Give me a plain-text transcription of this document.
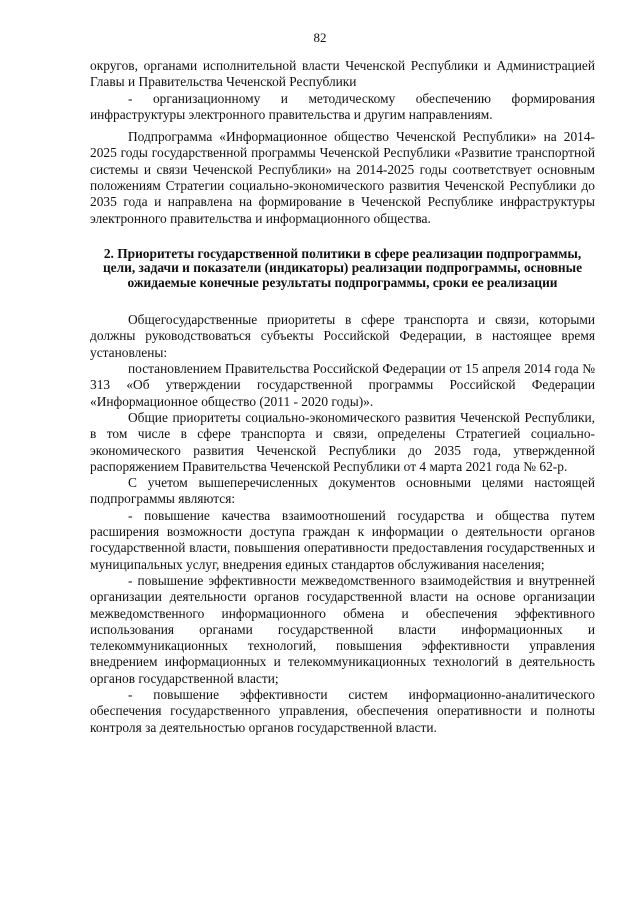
82

округов, органами исполнительной власти Чеченской Республики и Администрацией Главы и Правительства Чеченской Республики

- организационному и методическому обеспечению формирования инфраструктуры электронного правительства и другим направлениям.

Подпрограмма «Информационное общество Чеченской Республики» на 2014-2025 годы государственной программы Чеченской Республики «Развитие транспортной системы и связи Чеченской Республики» на 2014-2025 годы соответствует основным положениям Стратегии социально-экономического развития Чеченской Республики до 2035 года и направлена на формирование в Чеченской Республике инфраструктуры электронного правительства и информационного общества.

2. Приоритеты государственной политики в сфере реализации подпрограммы, цели, задачи и показатели (индикаторы) реализации подпрограммы, основные ожидаемые конечные результаты подпрограммы, сроки ее реализации

Общегосударственные приоритеты в сфере транспорта и связи, которыми должны руководствоваться субъекты Российской Федерации, в настоящее время установлены:

постановлением Правительства Российской Федерации от 15 апреля 2014 года № 313 «Об утверждении государственной программы Российской Федерации «Информационное общество (2011 - 2020 годы)».

Общие приоритеты социально-экономического развития Чеченской Республики, в том числе в сфере транспорта и связи, определены Стратегией социально-экономического развития Чеченской Республики до 2035 года, утвержденной распоряжением Правительства Чеченской Республики от 4 марта 2021 года № 62-р.

С учетом вышеперечисленных документов основными целями настоящей подпрограммы являются:

- повышение качества взаимоотношений государства и общества путем расширения возможности доступа граждан к информации о деятельности органов государственной власти, повышения оперативности предоставления государственных и муниципальных услуг, внедрения единых стандартов обслуживания населения;

- повышение эффективности межведомственного взаимодействия и внутренней организации деятельности органов государственной власти на основе организации межведомственного информационного обмена и обеспечения эффективного использования органами государственной власти информационных и телекоммуникационных технологий, повышения эффективности управления внедрением информационных и телекоммуникационных технологий в деятельность органов государственной власти;

- повышение эффективности систем информационно-аналитического обеспечения государственного управления, обеспечения оперативности и полноты контроля за деятельностью органов государственной власти.
